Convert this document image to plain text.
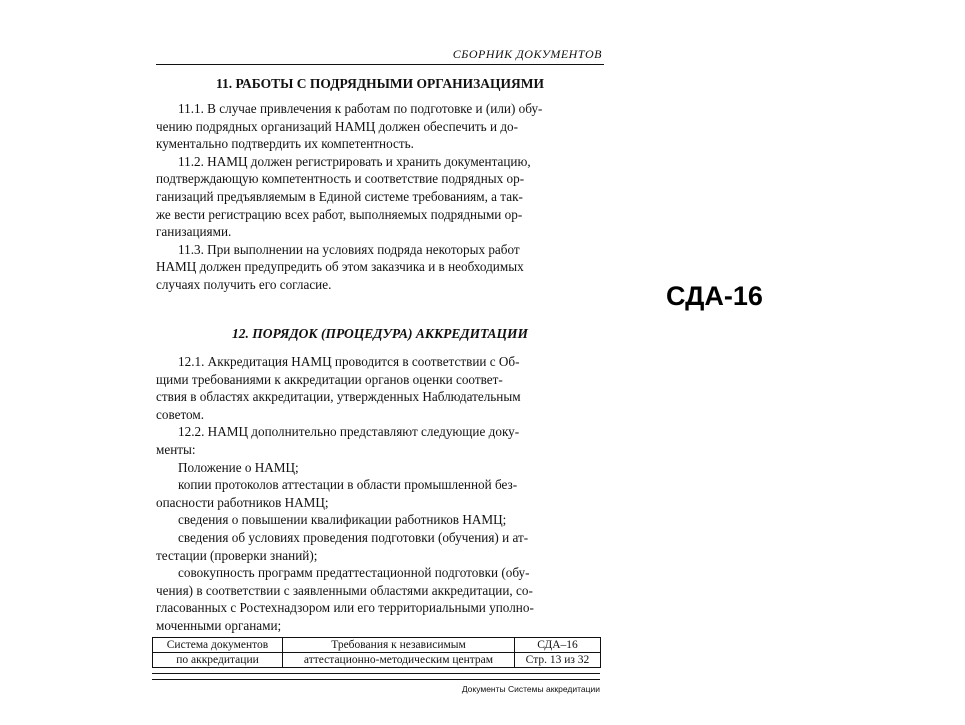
СБОРНИК ДОКУМЕНТОВ
11. РАБОТЫ С ПОДРЯДНЫМИ ОРГАНИЗАЦИЯМИ
11.1. В случае привлечения к работам по подготовке и (или) обу-
чению подрядных организаций НАМЦ должен обеспечить и до-
кументально подтвердить их компетентность.
11.2. НАМЦ должен регистрировать и хранить документацию,
подтверждающую компетентность и соответствие подрядных ор-
ганизаций предъявляемым в Единой системе требованиям, а так-
же вести регистрацию всех работ, выполняемых подрядными ор-
ганизациями.
11.3. При выполнении на условиях подряда некоторых работ
НАМЦ должен предупредить об этом заказчика и в необходимых
случаях получить его согласие.
12. ПОРЯДОК (ПРОЦЕДУРА) АККРЕДИТАЦИИ
12.1. Аккредитация НАМЦ проводится в соответствии с Об-
щими требованиями к аккредитации органов оценки соответ-
ствия в областях аккредитации, утвержденных Наблюдательным
советом.
12.2. НАМЦ дополнительно представляют следующие доку-
менты:
Положение о НАМЦ;
копии протоколов аттестации в области промышленной без-
опасности работников НАМЦ;
сведения о повышении квалификации работников НАМЦ;
сведения об условиях проведения подготовки (обучения) и ат-
тестации (проверки знаний);
совокупность программ предаттестационной подготовки (обу-
чения) в соответствии с заявленными областями аккредитации, со-
гласованных с Ростехнадзором или его территориальными уполно-
моченными органами;
Система документов	Требования к независимым	СДА–16
по аккредитации	аттестационно-методическим центрам	Стр. 13 из 32
Документы Системы аккредитации
СДА-16
